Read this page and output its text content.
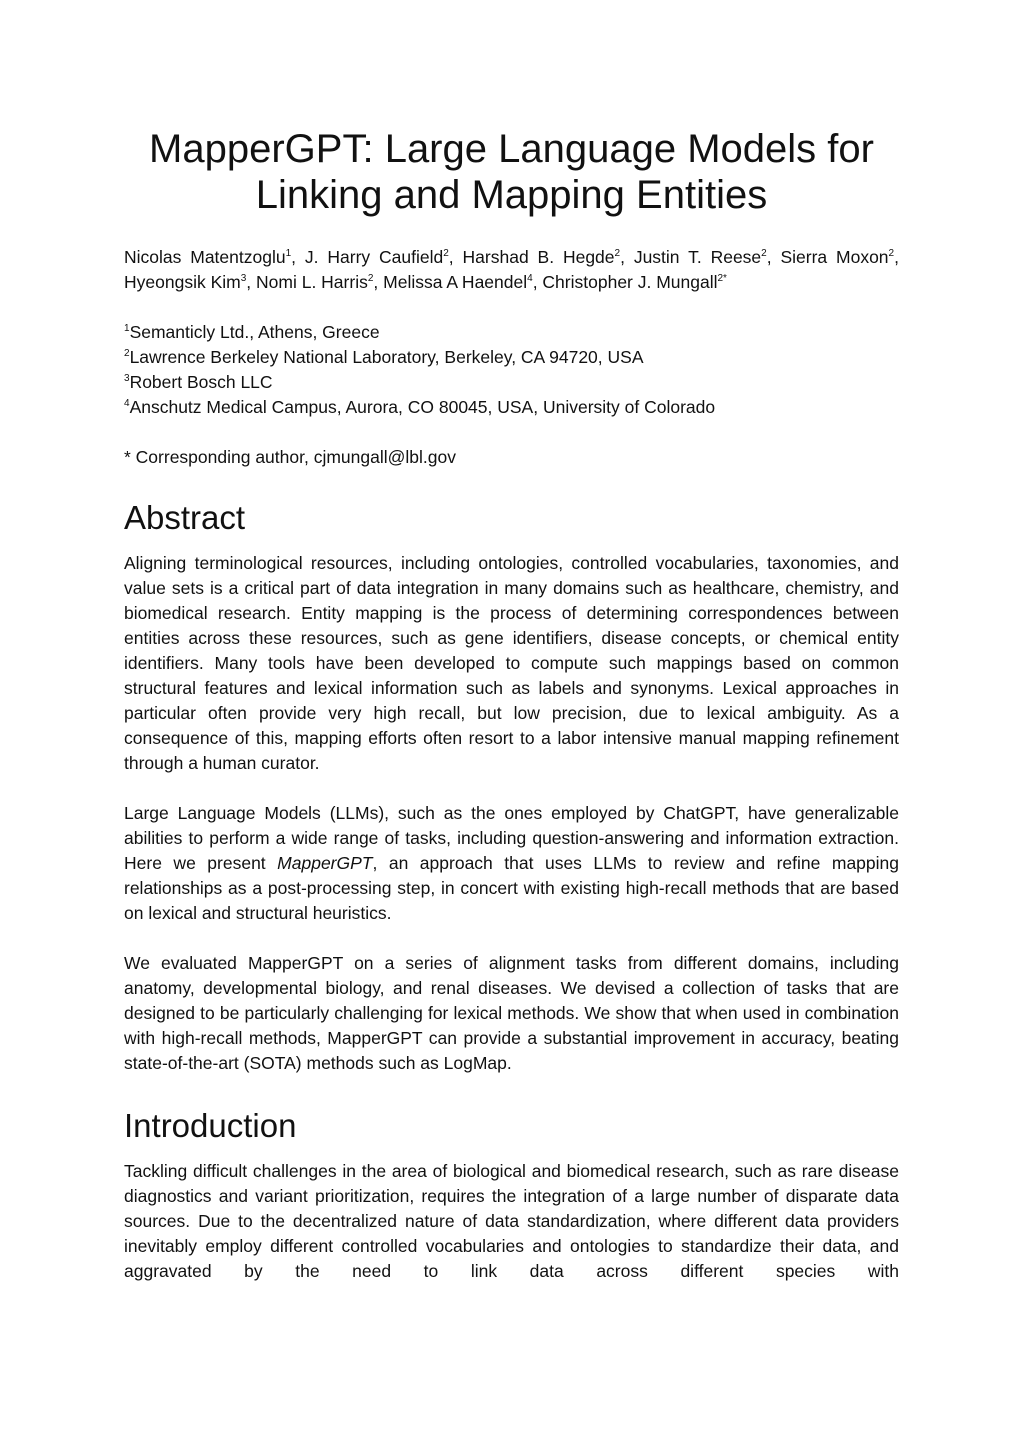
MapperGPT: Large Language Models for
Linking and Mapping Entities
Nicolas Matentzoglu$^1$, J. Harry Caufield$^2$, Harshad B. Hegde$^2$, Justin T. Reese$^2$, Sierra Moxon$^2$, Hyeongsik Kim$^3$, Nomi L. Harris$^2$, Melissa A Haendel$^4$, Christopher J. Mungall$^{2*}$
$^1$Semanticly Ltd., Athens, Greece
$^2$Lawrence Berkeley National Laboratory, Berkeley, CA 94720, USA
$^3$Robert Bosch LLC
$^4$Anschutz Medical Campus, Aurora, CO 80045, USA, University of Colorado
* Corresponding author, cjmungall@lbl.gov
Abstract

Aligning terminological resources, including ontologies, controlled vocabularies, taxonomies, and value sets is a critical part of data integration in many domains such as healthcare, chemistry, and biomedical research. Entity mapping is the process of determining correspondences between entities across these resources, such as gene identifiers, disease concepts, or chemical entity identifiers. Many tools have been developed to compute such mappings based on common structural features and lexical information such as labels and synonyms. Lexical approaches in particular often provide very high recall, but low precision, due to lexical ambiguity. As a consequence of this, mapping efforts often resort to a labor intensive manual mapping refinement through a human curator.

Large Language Models (LLMs), such as the ones employed by ChatGPT, have generalizable abilities to perform a wide range of tasks, including question-answering and information extraction. Here we present MapperGPT, an approach that uses LLMs to review and refine mapping relationships as a post-processing step, in concert with existing high-recall methods that are based on lexical and structural heuristics.

We evaluated MapperGPT on a series of alignment tasks from different domains, including anatomy, developmental biology, and renal diseases. We devised a collection of tasks that are designed to be particularly challenging for lexical methods. We show that when used in combination with high-recall methods, MapperGPT can provide a substantial improvement in accuracy, beating state-of-the-art (SOTA) methods such as LogMap.

Introduction

Tackling difficult challenges in the area of biological and biomedical research, such as rare disease diagnostics and variant prioritization, requires the integration of a large number of disparate data sources. Due to the decentralized nature of data standardization, where different data providers inevitably employ different controlled vocabularies and ontologies to standardize their data, and aggravated by the need to link data across different species with
